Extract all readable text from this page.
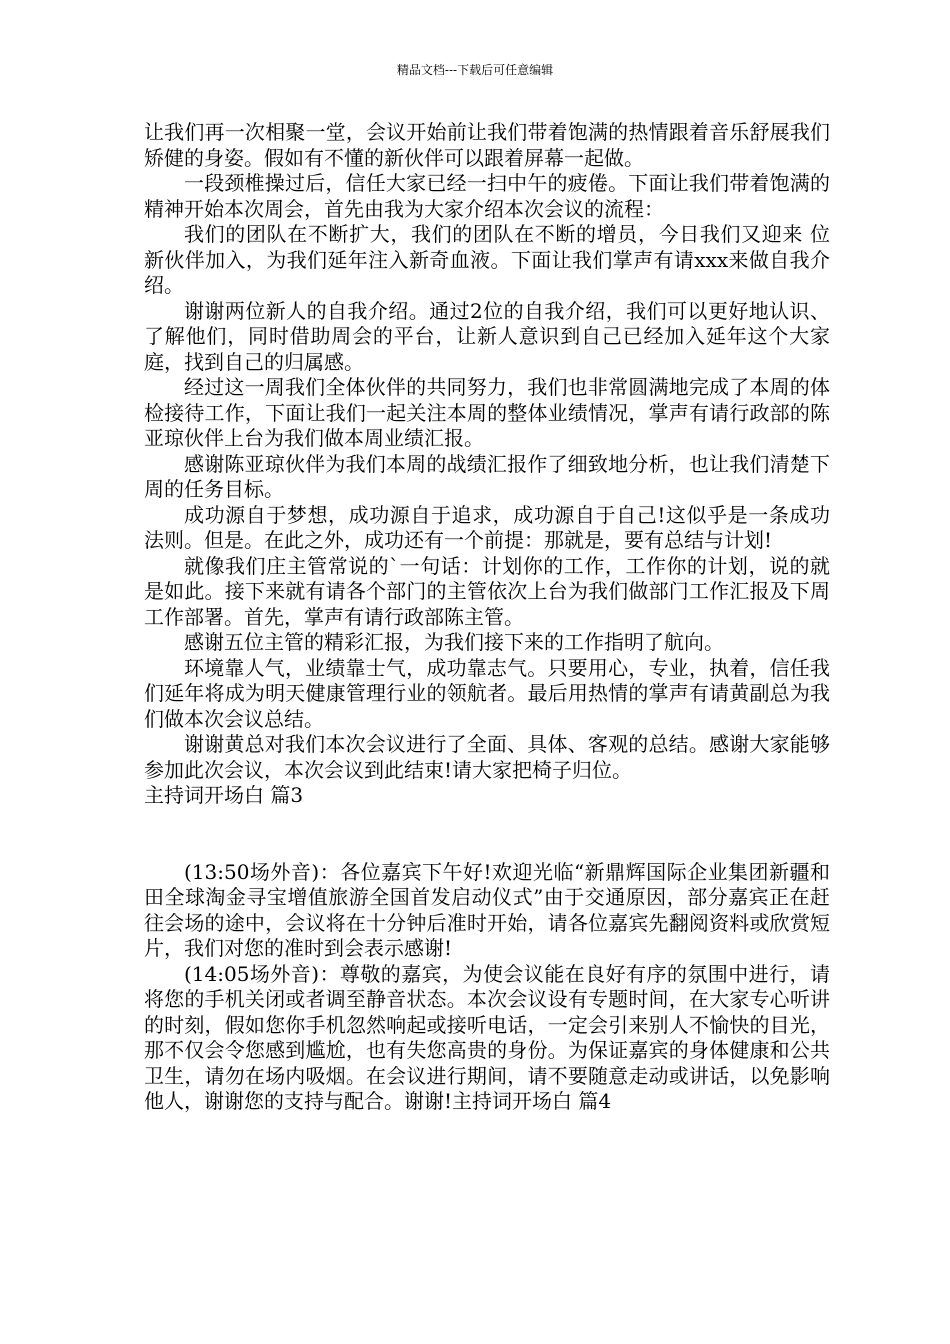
精品文档---下载后可任意编辑

让我们再一次相聚一堂，会议开始前让我们带着饱满的热情跟着音乐舒展我们矫健的身姿。假如有不懂的新伙伴可以跟着屏幕一起做。

一段颈椎操过后，信任大家已经一扫中午的疲倦。下面让我们带着饱满的精神开始本次周会，首先由我为大家介绍本次会议的流程：

我们的团队在不断扩大，我们的团队在不断的增员，今日我们又迎来 位新伙伴加入，为我们延年注入新奇血液。下面让我们掌声有请xxx来做自我介绍。

谢谢两位新人的自我介绍。通过2位的自我介绍，我们可以更好地认识、了解他们，同时借助周会的平台，让新人意识到自己已经加入延年这个大家庭，找到自己的归属感。

经过这一周我们全体伙伴的共同努力，我们也非常圆满地完成了本周的体检接待工作，下面让我们一起关注本周的整体业绩情况，掌声有请行政部的陈亚琼伙伴上台为我们做本周业绩汇报。

感谢陈亚琼伙伴为我们本周的战绩汇报作了细致地分析，也让我们清楚下周的任务目标。

成功源自于梦想，成功源自于追求，成功源自于自己!这似乎是一条成功法则。但是。在此之外，成功还有一个前提：那就是，要有总结与计划!

就像我们庄主管常说的`一句话：计划你的工作，工作你的计划，说的就是如此。接下来就有请各个部门的主管依次上台为我们做部门工作汇报及下周工作部署。首先，掌声有请行政部陈主管。

感谢五位主管的精彩汇报，为我们接下来的工作指明了航向。

环境靠人气，业绩靠士气，成功靠志气。只要用心，专业，执着，信任我们延年将成为明天健康管理行业的领航者。最后用热情的掌声有请黄副总为我们做本次会议总结。

谢谢黄总对我们本次会议进行了全面、具体、客观的总结。感谢大家能够参加此次会议，本次会议到此结束!请大家把椅子归位。

主持词开场白 篇3

(13:50场外音)：各位嘉宾下午好!欢迎光临“新鼎辉国际企业集团新疆和田全球淘金寻宝增值旅游全国首发启动仪式”由于交通原因，部分嘉宾正在赶往会场的途中，会议将在十分钟后准时开始，请各位嘉宾先翻阅资料或欣赏短片，我们对您的准时到会表示感谢!

(14:05场外音)：尊敬的嘉宾，为使会议能在良好有序的氛围中进行，请将您的手机关闭或者调至静音状态。本次会议设有专题时间，在大家专心听讲的时刻，假如您你手机忽然响起或接听电话，一定会引来别人不愉快的目光，那不仅会令您感到尴尬，也有失您高贵的身份。为保证嘉宾的身体健康和公共卫生，请勿在场内吸烟。在会议进行期间，请不要随意走动或讲话，以免影响他人，谢谢您的支持与配合。谢谢!主持词开场白 篇4
